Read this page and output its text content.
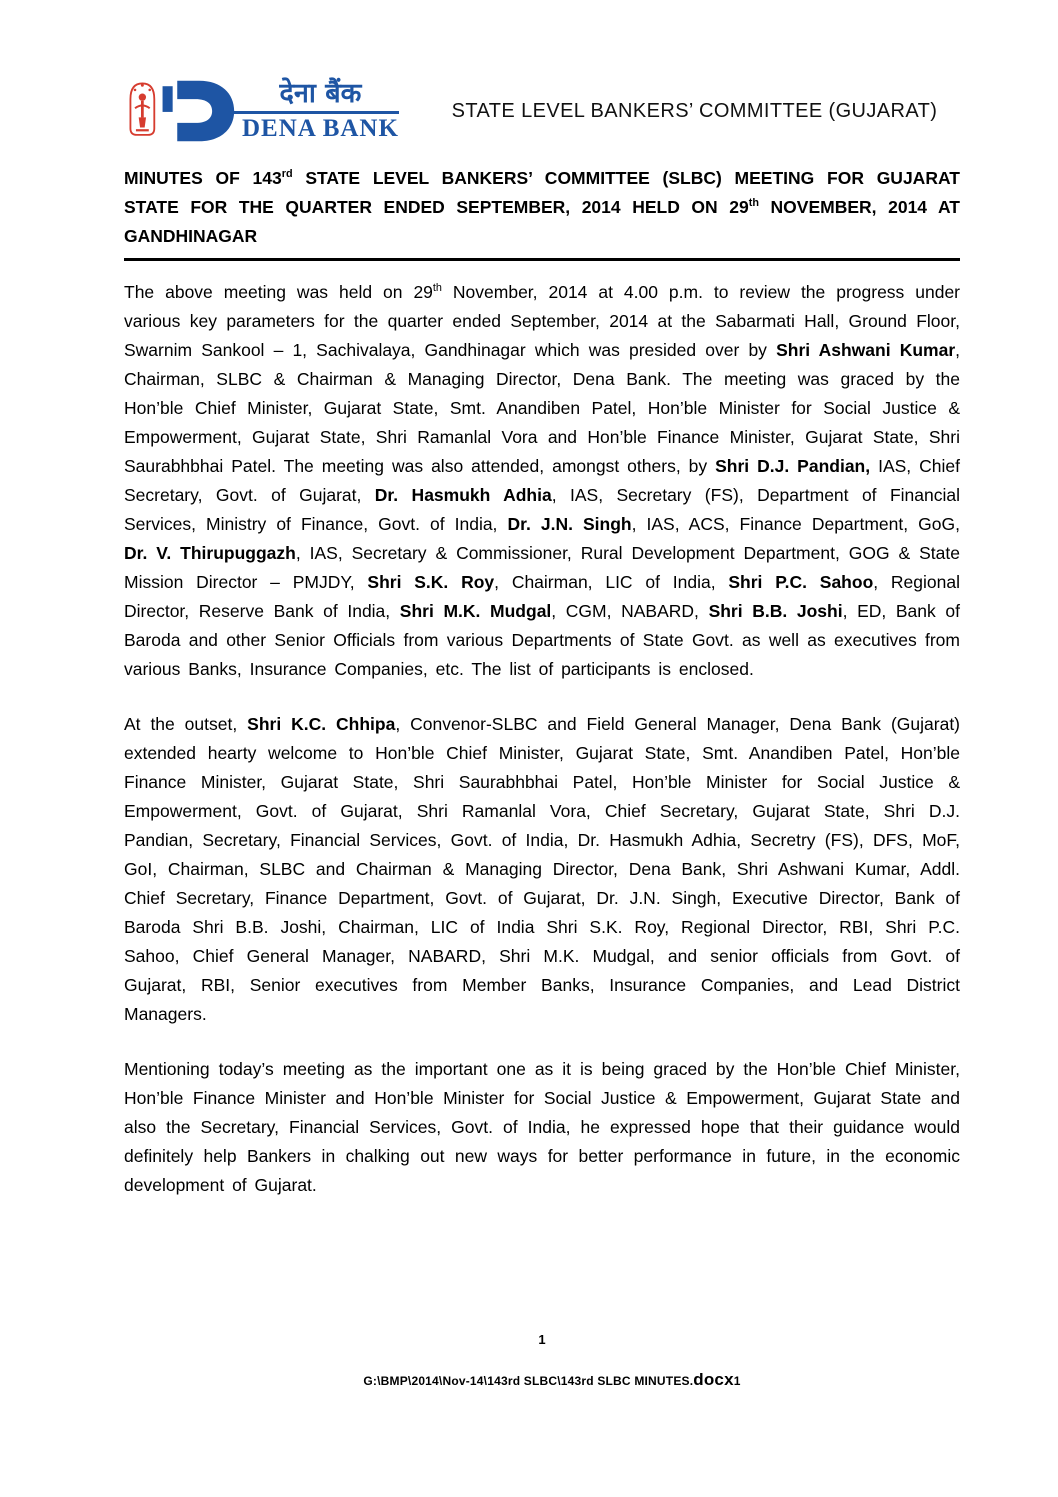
देना बैंक
DENA BANK
STATE LEVEL BANKERS’ COMMITTEE (GUJARAT)
MINUTES OF 143rd STATE LEVEL BANKERS’ COMMITTEE (SLBC) MEETING FOR GUJARAT STATE FOR THE QUARTER ENDED SEPTEMBER, 2014 HELD ON 29th NOVEMBER, 2014 AT GANDHINAGAR

The above meeting was held on 29th November, 2014 at 4.00 p.m. to review the progress under various key parameters for the quarter ended September, 2014 at the Sabarmati Hall, Ground Floor, Swarnim Sankool – 1, Sachivalaya, Gandhinagar which was presided over by Shri Ashwani Kumar, Chairman, SLBC & Chairman & Managing Director, Dena Bank. The meeting was graced by the Hon’ble Chief Minister, Gujarat State, Smt. Anandiben Patel, Hon’ble Minister for Social Justice & Empowerment, Gujarat State, Shri Ramanlal Vora and Hon’ble Finance Minister, Gujarat State, Shri Saurabhbhai Patel. The meeting was also attended, amongst others, by Shri D.J. Pandian, IAS, Chief Secretary, Govt. of Gujarat, Dr. Hasmukh Adhia, IAS, Secretary (FS), Department of Financial Services, Ministry of Finance, Govt. of India, Dr. J.N. Singh, IAS, ACS, Finance Department, GoG, Dr. V. Thirupuggazh, IAS, Secretary & Commissioner, Rural Development Department, GOG & State Mission Director – PMJDY, Shri S.K. Roy, Chairman, LIC of India, Shri P.C. Sahoo, Regional Director, Reserve Bank of India, Shri M.K. Mudgal, CGM, NABARD, Shri B.B. Joshi, ED, Bank of Baroda and other Senior Officials from various Departments of State Govt. as well as executives from various Banks, Insurance Companies, etc. The list of participants is enclosed.

At the outset, Shri K.C. Chhipa, Convenor-SLBC and Field General Manager, Dena Bank (Gujarat) extended hearty welcome to Hon’ble Chief Minister, Gujarat State, Smt. Anandiben Patel, Hon’ble Finance Minister, Gujarat State, Shri Saurabhbhai Patel, Hon’ble Minister for Social Justice & Empowerment, Govt. of Gujarat, Shri Ramanlal Vora, Chief Secretary, Gujarat State, Shri D.J. Pandian, Secretary, Financial Services, Govt. of India, Dr. Hasmukh Adhia, Secretry (FS), DFS, MoF, GoI, Chairman, SLBC and Chairman & Managing Director, Dena Bank, Shri Ashwani Kumar, Addl. Chief Secretary, Finance Department, Govt. of Gujarat, Dr. J.N. Singh, Executive Director, Bank of Baroda Shri B.B. Joshi, Chairman, LIC of India Shri S.K. Roy, Regional Director, RBI, Shri P.C. Sahoo, Chief General Manager, NABARD, Shri M.K. Mudgal, and senior officials from Govt. of Gujarat, RBI, Senior executives from Member Banks, Insurance Companies, and Lead District Managers.

Mentioning today’s meeting as the important one as it is being graced by the Hon’ble Chief Minister, Hon’ble Finance Minister and Hon’ble Minister for Social Justice & Empowerment, Gujarat State and also the Secretary, Financial Services, Govt. of India, he expressed hope that their guidance would definitely help Bankers in chalking out new ways for better performance in future, in the economic development of Gujarat.

1
G:\BMP\2014\Nov-14\143rd SLBC\143rd SLBC MINUTES.docx1
